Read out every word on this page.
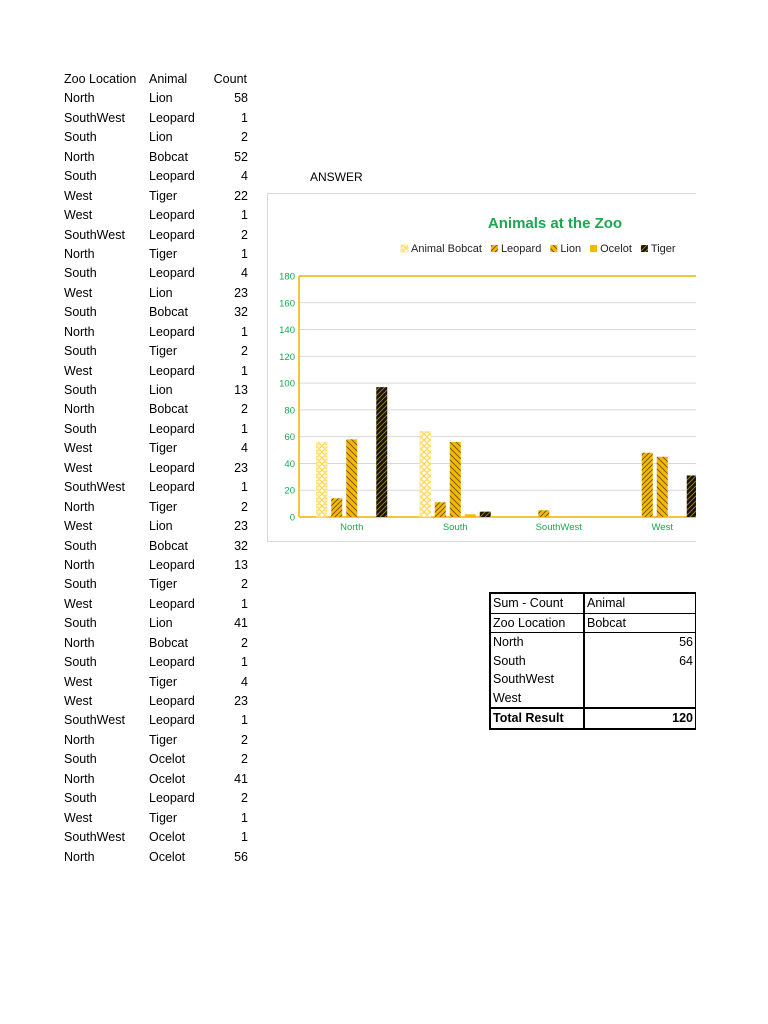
Zoo Location Animal Count
North	Lion	58
SouthWest Leopard	1
South	Lion	2
North	Bobcat	52
South	Leopard	4
West	Tiger	22
West	Leopard	1
SouthWest Leopard	2
North	Tiger	1
South	Leopard	4
West	Lion	23
South	Bobcat	32
North	Leopard	1
South	Tiger	2
West	Leopard	1
South	Lion	13
North	Bobcat	2
South	Leopard	1
West	Tiger	4
West	Leopard	23
SouthWest Leopard	1
North	Tiger	2
West	Lion	23
South	Bobcat	32
North	Leopard	13
South	Tiger	2
West	Leopard	1
South	Lion	41
North	Bobcat	2
South	Leopard	1
West	Tiger	4
West	Leopard	23
SouthWest Leopard	1
North	Tiger	2
South	Ocelot	2
North	Ocelot	41
South	Leopard	2
West	Tiger	1
SouthWest Ocelot	1
North	Ocelot	56
ANSWER
Animals at the Zoo
Animal Bobcat Leopard Lion Ocelot Tiger
0
20
40
60
80
100
120
140
160
180
North	South	SouthWest	West
Sum - Count	Animal
Zoo Location	Bobcat
North	56
South	64
SouthWest	
West	
Total Result	120
